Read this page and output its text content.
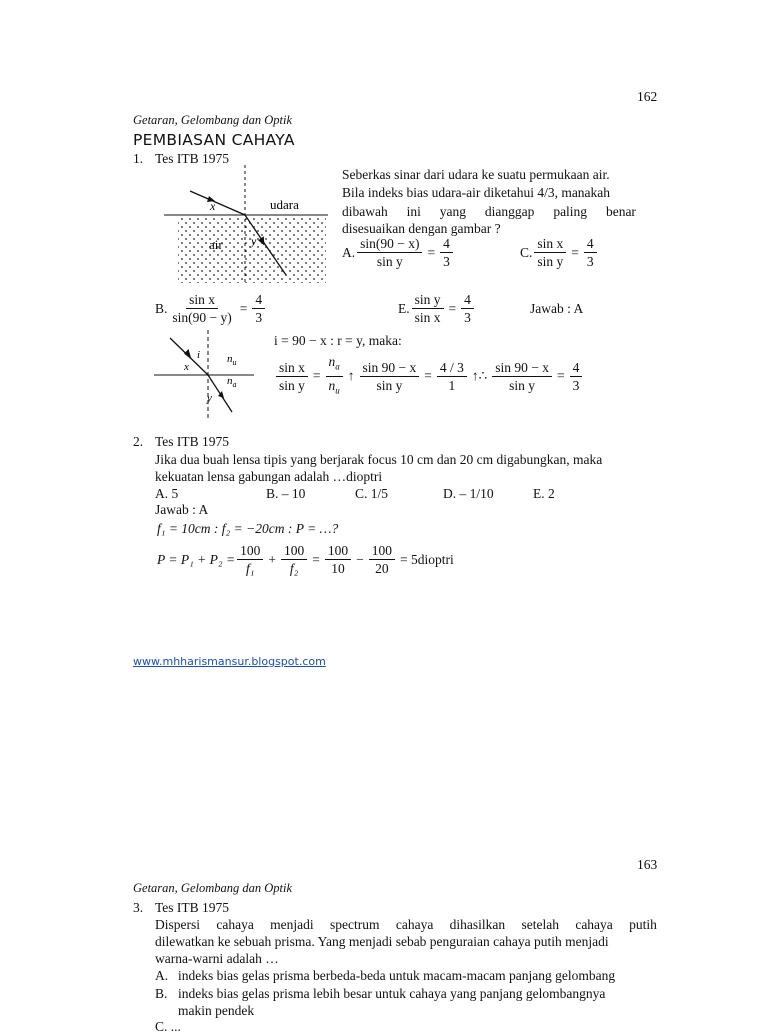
162
Getaran, Gelombang dan Optik
PEMBIASAN CAHAYA
1. Tes ITB 1975
Seberkas sinar dari udara ke suatu permukaan air.
Bila indeks bias udara-air diketahui 4/3, manakah
dibawah ini yang dianggap paling benar
disesuaikan dengan gambar ?
x	udara
air y
A. $\frac{\sin(90 - x)}{\text{sin y}} = \frac{4}{3}$	C. $\frac{\text{sin x}}{\text{sin y}} = \frac{4}{3}$
B. $\frac{\text{sin x}}{\sin(90 - y)} = \frac{4}{3}$	E. $\frac{\text{sin y}}{\text{sin x}} = \frac{4}{3}$	Jawab : A
i
x
y
$n_u$
$n_a$
i = 90 − x : r = y, maka:
$\frac{\text{sin x}}{\text{sin y}} = \frac{n_a}{n_u}$ ↑ $\frac{\sin 90 - x}{\text{sin y}} = \frac{4 / 3}{1}$ ↑∴ $\frac{\sin 90 - x}{\text{sin y}} = \frac{4}{3}$
2. Tes ITB 1975
Jika dua buah lensa tipis yang berjarak focus 10 cm dan 20 cm digabungkan, maka
kekuatan lensa gabungan adalah …dioptri
A. 5	B. – 10	C. 1/5	D. – 1/10	E. 2
Jawab : A
f₁ = 10cm : f₂ = −20cm : P = …?
$P = P_1 + P_2 = \frac{100}{\text{f₁}} + \frac{100}{\text{f₂}} = \frac{100}{10} - \frac{100}{20}$ = 5dioptri
www.mhharismansur.blogspot.com
163
Getaran, Gelombang dan Optik
3. Tes ITB 1975
Dispersi cahaya menjadi spectrum cahaya dihasilkan setelah cahaya putih
dilewatkan ke sebuah prisma. Yang menjadi sebab penguraian cahaya putih menjadi
warna-warni adalah …
A. indeks bias gelas prisma berbeda-beda untuk macam-macam panjang gelombang
B. indeks bias gelas prisma lebih besar untuk cahaya yang panjang gelombangnya
makin pendek
C. ...
